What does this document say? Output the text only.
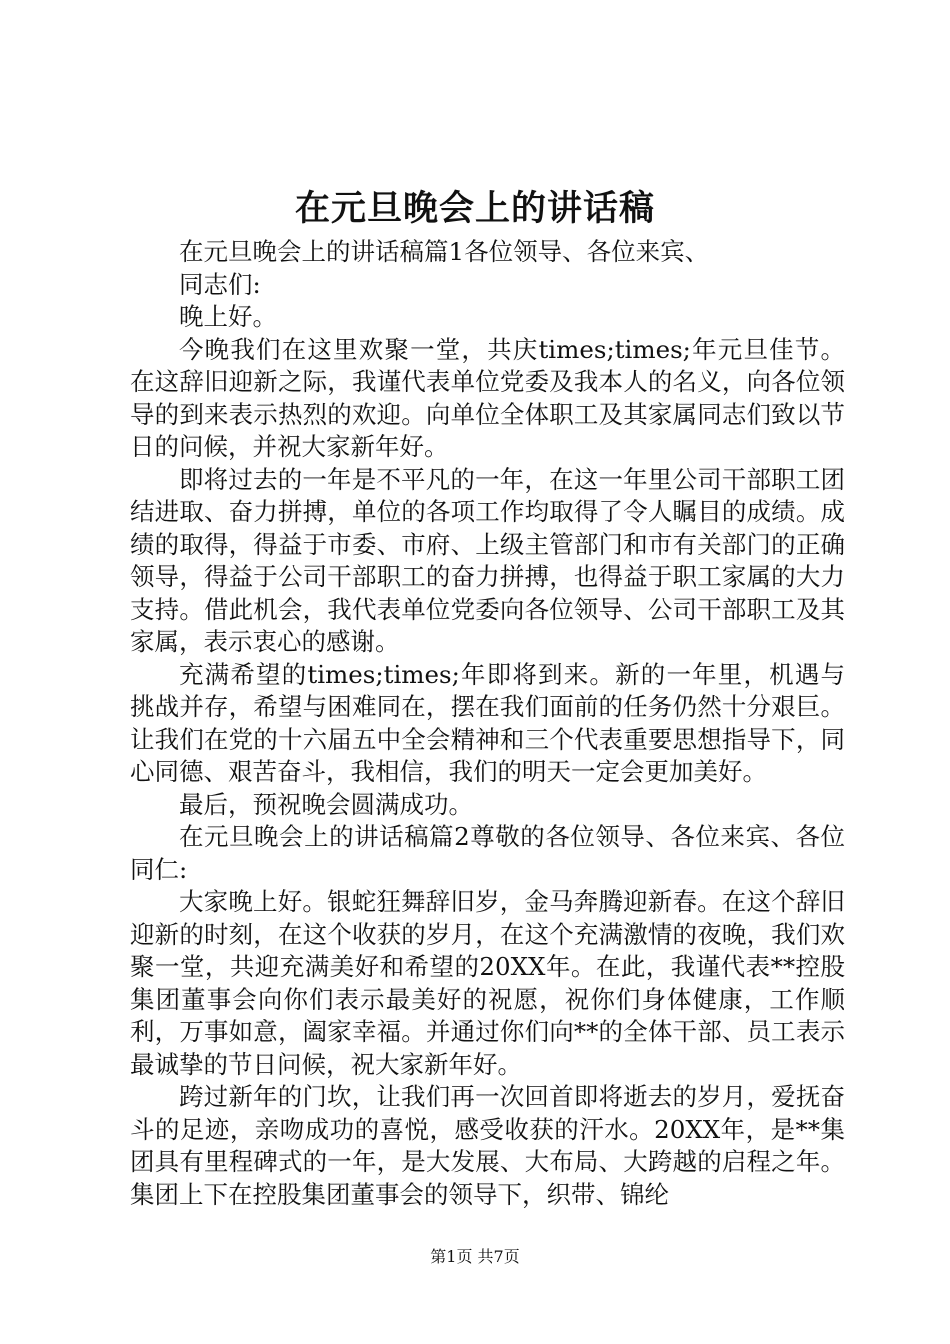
在元旦晚会上的讲话稿

在元旦晚会上的讲话稿篇1各位领导、各位来宾、

同志们:

晚上好。

今晚我们在这里欢聚一堂，共庆times;times;年元旦佳节。在这辞旧迎新之际，我谨代表单位党委及我本人的名义，向各位领导的到来表示热烈的欢迎。向单位全体职工及其家属同志们致以节日的问候，并祝大家新年好。

即将过去的一年是不平凡的一年，在这一年里公司干部职工团结进取、奋力拼搏，单位的各项工作均取得了令人瞩目的成绩。成绩的取得，得益于市委、市府、上级主管部门和市有关部门的正确领导，得益于公司干部职工的奋力拼搏，也得益于职工家属的大力支持。借此机会，我代表单位党委向各位领导、公司干部职工及其家属，表示衷心的感谢。

充满希望的times;times;年即将到来。新的一年里，机遇与挑战并存，希望与困难同在，摆在我们面前的任务仍然十分艰巨。让我们在党的十六届五中全会精神和三个代表重要思想指导下，同心同德、艰苦奋斗，我相信，我们的明天一定会更加美好。

最后，预祝晚会圆满成功。

在元旦晚会上的讲话稿篇2尊敬的各位领导、各位来宾、各位同仁:

大家晚上好。银蛇狂舞辞旧岁，金马奔腾迎新春。在这个辞旧迎新的时刻，在这个收获的岁月，在这个充满激情的夜晚，我们欢聚一堂，共迎充满美好和希望的20XX年。在此，我谨代表**控股集团董事会向你们表示最美好的祝愿，祝你们身体健康，工作顺利，万事如意，阖家幸福。并通过你们向**的全体干部、员工表示最诚挚的节日问候，祝大家新年好。

跨过新年的门坎，让我们再一次回首即将逝去的岁月，爱抚奋斗的足迹，亲吻成功的喜悦，感受收获的汗水。20XX年，是**集团具有里程碑式的一年，是大发展、大布局、大跨越的启程之年。集团上下在控股集团董事会的领导下，织带、锦纶

第1页 共7页
